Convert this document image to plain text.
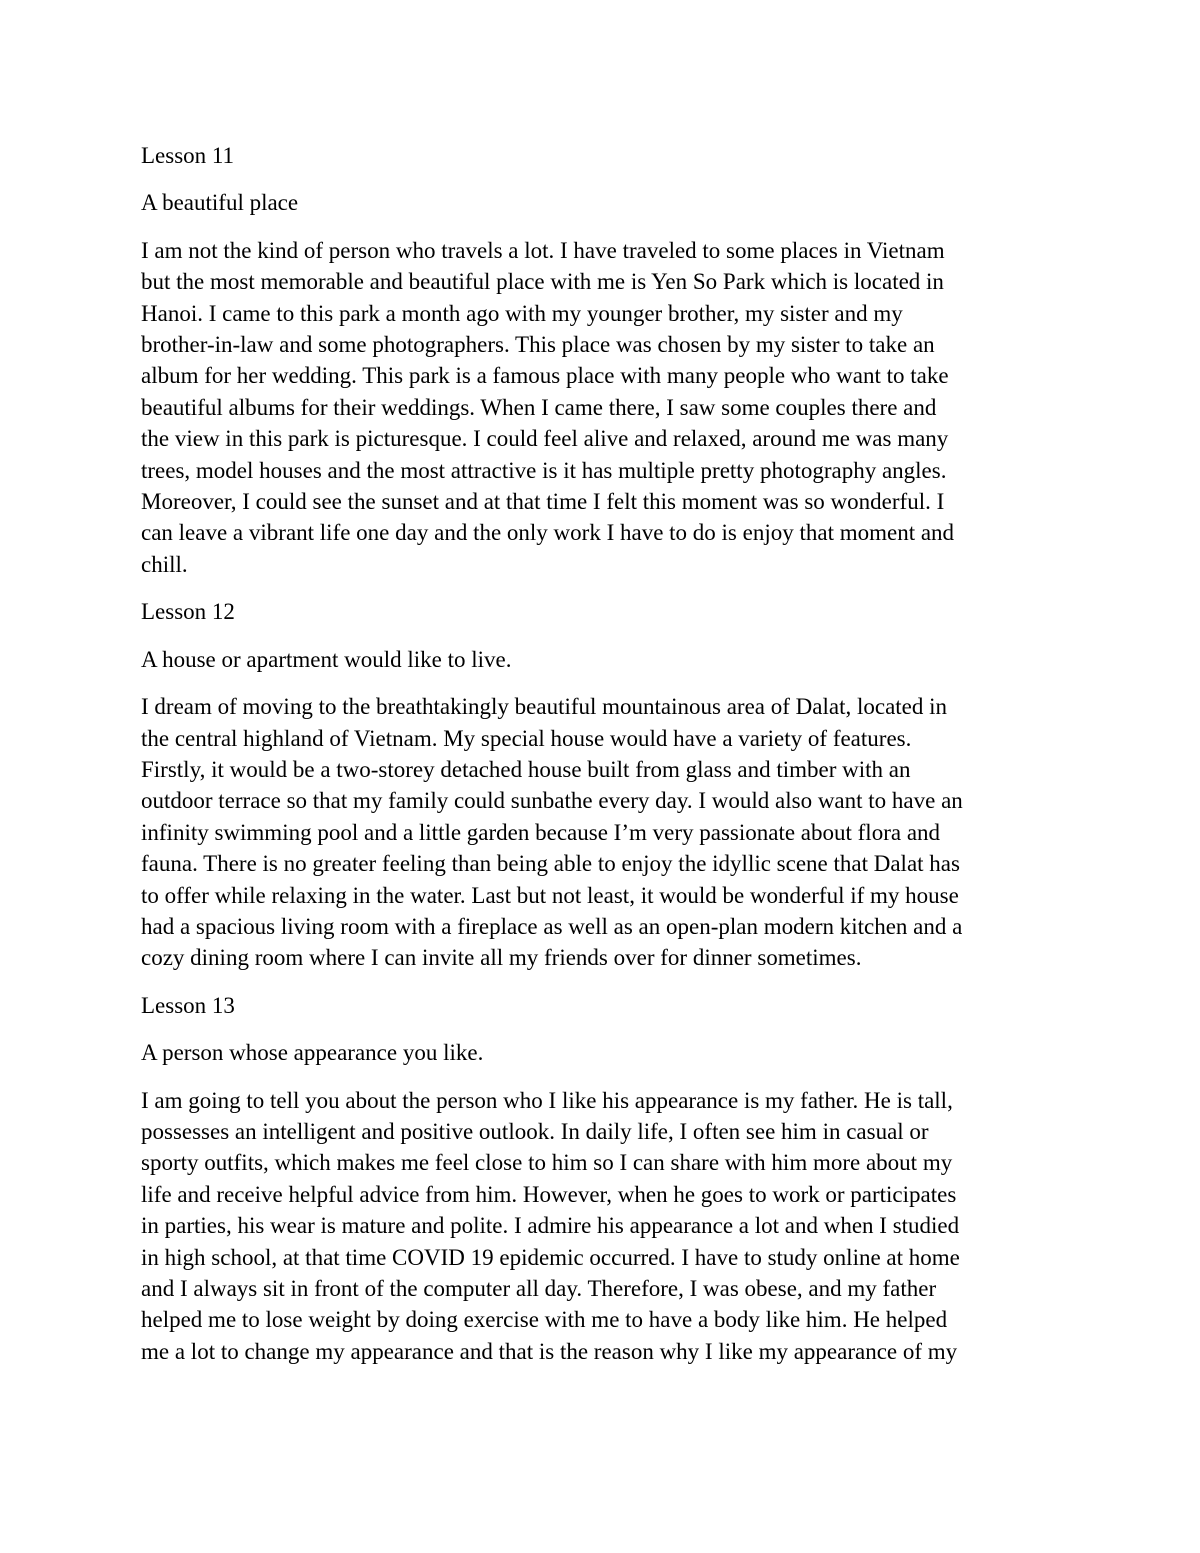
Lesson 11

A beautiful place

I am not the kind of person who travels a lot. I have traveled to some places in Vietnam
but the most memorable and beautiful place with me is Yen So Park which is located in
Hanoi. I came to this park a month ago with my younger brother, my sister and my
brother-in-law and some photographers. This place was chosen by my sister to take an
album for her wedding. This park is a famous place with many people who want to take
beautiful albums for their weddings. When I came there, I saw some couples there and
the view in this park is picturesque. I could feel alive and relaxed, around me was many
trees, model houses and the most attractive is it has multiple pretty photography angles.
Moreover, I could see the sunset and at that time I felt this moment was so wonderful. I
can leave a vibrant life one day and the only work I have to do is enjoy that moment and
chill.

Lesson 12

A house or apartment would like to live.

I dream of moving to the breathtakingly beautiful mountainous area of Dalat, located in
the central highland of Vietnam. My special house would have a variety of features.
Firstly, it would be a two-storey detached house built from glass and timber with an
outdoor terrace so that my family could sunbathe every day. I would also want to have an
infinity swimming pool and a little garden because I’m very passionate about flora and
fauna. There is no greater feeling than being able to enjoy the idyllic scene that Dalat has
to offer while relaxing in the water. Last but not least, it would be wonderful if my house
had a spacious living room with a fireplace as well as an open-plan modern kitchen and a
cozy dining room where I can invite all my friends over for dinner sometimes.

Lesson 13

A person whose appearance you like.

I am going to tell you about the person who I like his appearance is my father. He is tall,
possesses an intelligent and positive outlook. In daily life, I often see him in casual or
sporty outfits, which makes me feel close to him so I can share with him more about my
life and receive helpful advice from him. However, when he goes to work or participates
in parties, his wear is mature and polite. I admire his appearance a lot and when I studied
in high school, at that time COVID 19 epidemic occurred. I have to study online at home
and I always sit in front of the computer all day. Therefore, I was obese, and my father
helped me to lose weight by doing exercise with me to have a body like him. He helped
me a lot to change my appearance and that is the reason why I like my appearance of my
